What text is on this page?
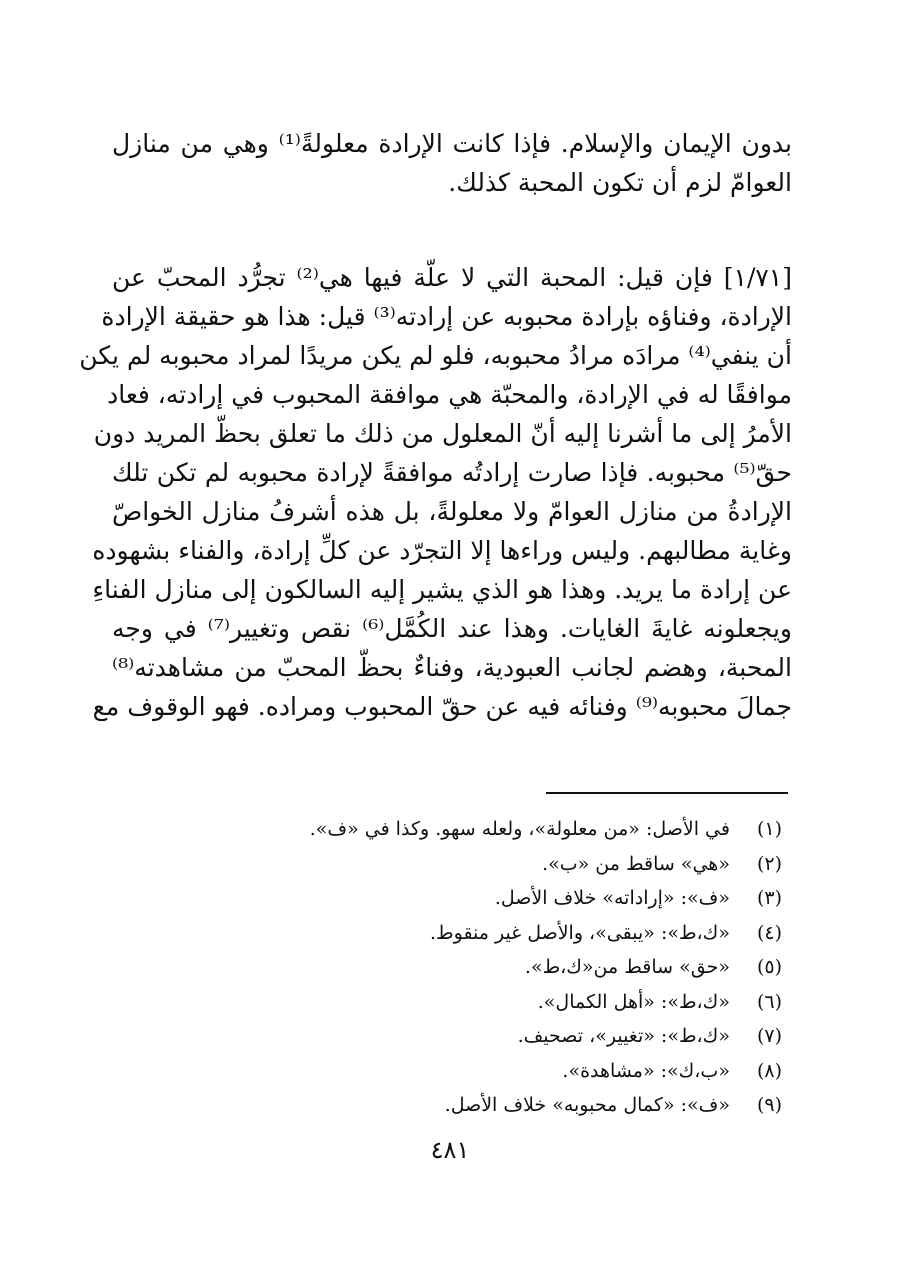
بدون الإيمان والإسلام. فإذا كانت الإرادة معلولةً⁽¹⁾ وهي من منازل
العوامّ لزم أن تكون المحبة كذلك.
[١/٧١] فإن قيل: المحبة التي لا علّة فيها هي⁽²⁾ تجرُّد المحبّ عن
الإرادة، وفناؤه بإرادة محبوبه عن إرادته⁽³⁾ قيل: هذا هو حقيقة الإرادة
أن ينفي⁽⁴⁾ مرادَه مرادُ محبوبه، فلو لم يكن مريدًا لمراد محبوبه لم يكن
موافقًا له في الإرادة، والمحبّة هي موافقة المحبوب في إرادته، فعاد
الأمرُ إلى ما أشرنا إليه أنّ المعلول من ذلك ما تعلق بحظّ المريد دون
حقّ⁽⁵⁾ محبوبه. فإذا صارت إرادتُه موافقةً لإرادة محبوبه لم تكن تلك
الإرادةُ من منازل العوامّ ولا معلولةً، بل هذه أشرفُ منازل الخواصّ
وغاية مطالبهم. وليس وراءها إلا التجرّد عن كلِّ إرادة، والفناء بشهوده
عن إرادة ما يريد. وهذا هو الذي يشير إليه السالكون إلى منازل الفناءِ
ويجعلونه غايةَ الغايات. وهذا عند الكُمَّل⁽⁶⁾ نقص وتغيير⁽⁷⁾ في وجه
المحبة، وهضم لجانب العبودية، وفناءٌ بحظّ المحبّ من مشاهدته⁽⁸⁾
جمالَ محبوبه⁽⁹⁾ وفنائه فيه عن حقّ المحبوب ومراده. فهو الوقوف مع
(١) في الأصل: «من معلولة»، ولعله سهو. وكذا في «ف».
(٢) «هي» ساقط من «ب».
(٣) «ف»: «إراداته» خلاف الأصل.
(٤) «ك،ط»: «يبقى»، والأصل غير منقوط.
(٥) «حق» ساقط من«ك،ط».
(٦) «ك،ط»: «أهل الكمال».
(٧) «ك،ط»: «تغيير»، تصحيف.
(٨) «ب،ك»: «مشاهدة».
(٩) «ف»: «كمال محبوبه» خلاف الأصل.
٤٨١
